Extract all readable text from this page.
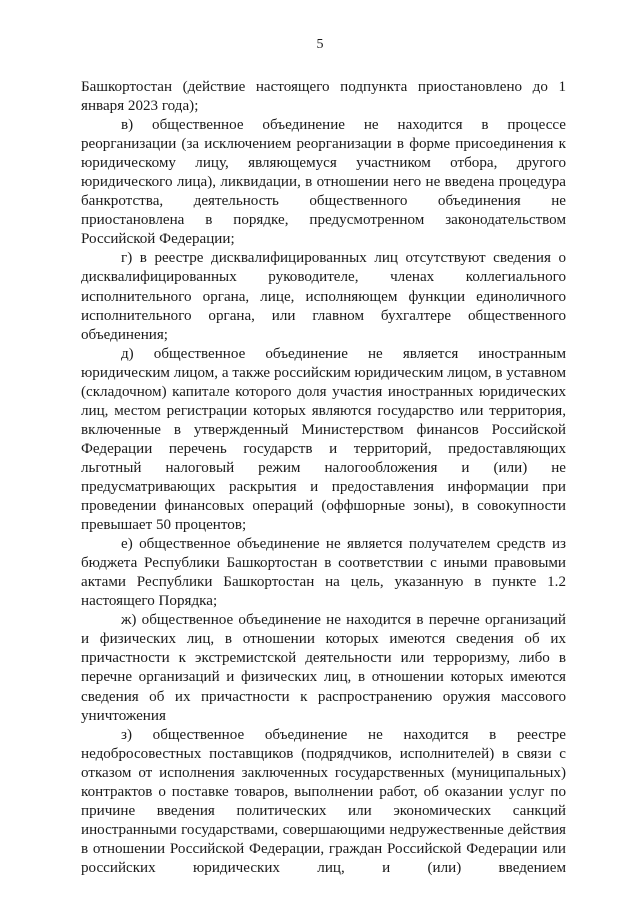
5

Башкортостан (действие настоящего подпункта приостановлено до 1 января 2023 года);

в) общественное объединение не находится в процессе реорганизации (за исключением реорганизации в форме присоединения к юридическому лицу, являющемуся участником отбора, другого юридического лица), ликвидации, в отношении него не введена процедура банкротства, деятельность общественного объединения не приостановлена в порядке, предусмотренном законодательством Российской Федерации;

г) в реестре дисквалифицированных лиц отсутствуют сведения о дисквалифицированных руководителе, членах коллегиального исполнительного органа, лице, исполняющем функции единоличного исполнительного органа, или главном бухгалтере общественного объединения;

д) общественное объединение не является иностранным юридическим лицом, а также российским юридическим лицом, в уставном (складочном) капитале которого доля участия иностранных юридических лиц, местом регистрации которых являются государство или территория, включенные в утвержденный Министерством финансов Российской Федерации перечень государств и территорий, предоставляющих льготный налоговый режим налогообложения и (или) не предусматривающих раскрытия и предоставления информации при проведении финансовых операций (оффшорные зоны), в совокупности превышает 50 процентов;

е) общественное объединение не является получателем средств из бюджета Республики Башкортостан в соответствии с иными правовыми актами Республики Башкортостан на цель, указанную в пункте 1.2 настоящего Порядка;

ж) общественное объединение не находится в перечне организаций и физических лиц, в отношении которых имеются сведения об их причастности к экстремистской деятельности или терроризму, либо в перечне организаций и физических лиц, в отношении которых имеются сведения об их причастности к распространению оружия массового уничтожения

з) общественное объединение не находится в реестре недобросовестных поставщиков (подрядчиков, исполнителей) в связи с отказом от исполнения заключенных государственных (муниципальных) контрактов о поставке товаров, выполнении работ, об оказании услуг по причине введения политических или экономических санкций иностранными государствами, совершающими недружественные действия в отношении Российской Федерации, граждан Российской Федерации или российских юридических лиц, и (или) введением
